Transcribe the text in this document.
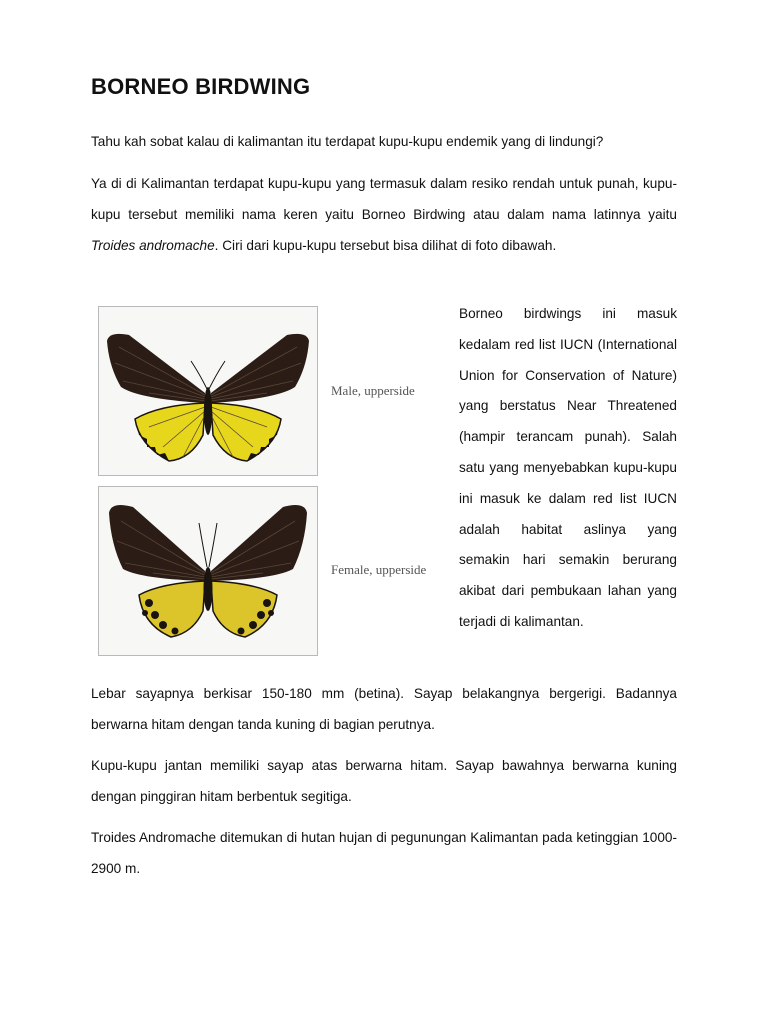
BORNEO BIRDWING

Tahu kah sobat kalau di kalimantan itu terdapat kupu-kupu endemik yang di lindungi?

Ya di di Kalimantan terdapat kupu-kupu yang termasuk dalam resiko rendah untuk punah, kupu-kupu tersebut memiliki nama keren yaitu Borneo Birdwing atau dalam nama latinnya yaitu Troides andromache. Ciri dari kupu-kupu tersebut bisa dilihat di foto dibawah.

Male, upperside
Female, upperside

Borneo birdwings ini masuk kedalam red list IUCN (International Union for Conservation of Nature) yang berstatus Near Threatened (hampir terancam punah). Salah satu yang menyebabkan kupu-kupu ini masuk ke dalam red list IUCN adalah habitat aslinya yang semakin hari semakin berurang akibat dari pembukaan lahan yang terjadi di kalimantan.

Lebar sayapnya berkisar 150-180 mm (betina). Sayap belakangnya bergerigi. Badannya berwarna hitam dengan tanda kuning di bagian perutnya.

Kupu-kupu jantan memiliki sayap atas berwarna hitam. Sayap bawahnya berwarna kuning dengan pinggiran hitam berbentuk segitiga.

Troides Andromache ditemukan di hutan hujan di pegunungan Kalimantan pada ketinggian 1000-2900 m.
